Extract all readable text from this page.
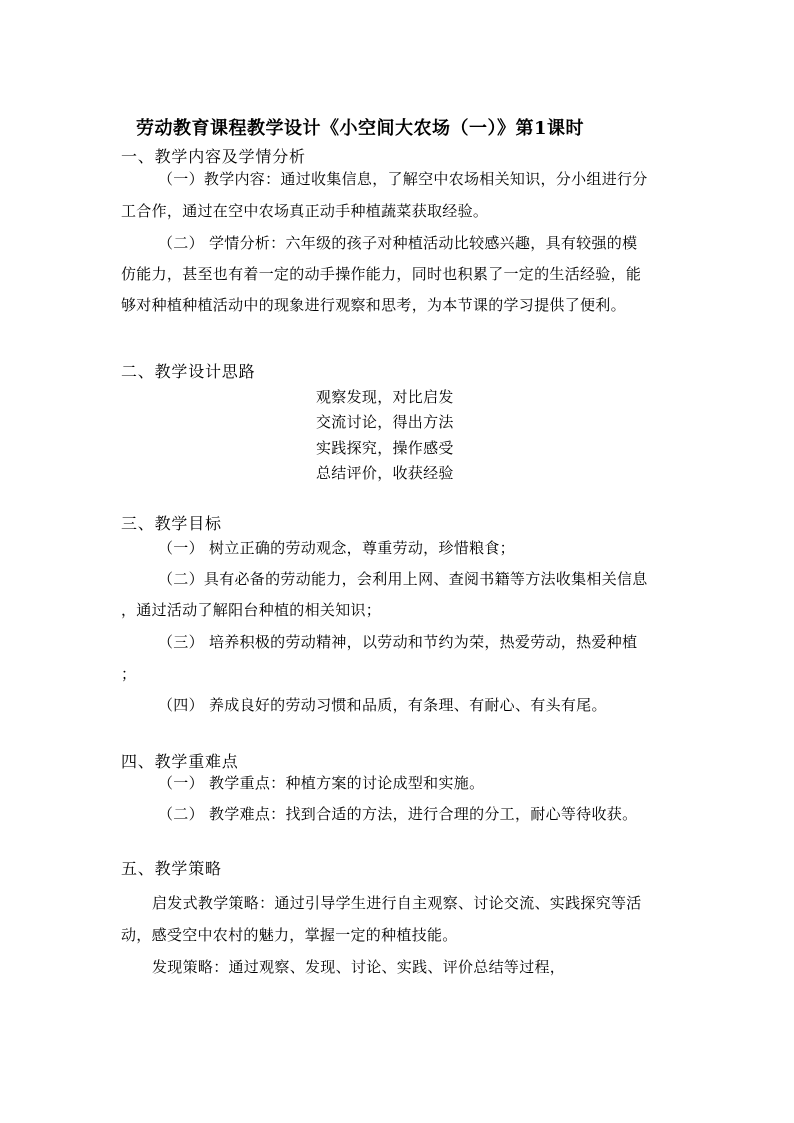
劳动教育课程教学设计《小空间大农场（一）》第1课时
一、教学内容及学情分析
（一）教学内容：通过收集信息，了解空中农场相关知识，分小组进行分
工合作，通过在空中农场真正动手种植蔬菜获取经验。
（二） 学情分析：六年级的孩子对种植活动比较感兴趣，具有较强的模
仿能力，甚至也有着一定的动手操作能力，同时也积累了一定的生活经验，能
够对种植种植活动中的现象进行观察和思考，为本节课的学习提供了便利。
二、教学设计思路
观察发现，对比启发
交流讨论，得出方法
实践探究，操作感受
总结评价，收获经验
三、教学目标
（一） 树立正确的劳动观念，尊重劳动，珍惜粮食；
（二）具有必备的劳动能力，会利用上网、查阅书籍等方法收集相关信息
，通过活动了解阳台种植的相关知识；
（三） 培养积极的劳动精神，以劳动和节约为荣，热爱劳动，热爱种植
；
（四） 养成良好的劳动习惯和品质，有条理、有耐心、有头有尾。
四、教学重难点
（一） 教学重点：种植方案的讨论成型和实施。
（二） 教学难点：找到合适的方法，进行合理的分工，耐心等待收获。
五、教学策略
启发式教学策略：通过引导学生进行自主观察、讨论交流、实践探究等活
动，感受空中农村的魅力，掌握一定的种植技能。
发现策略：通过观察、发现、讨论、实践、评价总结等过程，
